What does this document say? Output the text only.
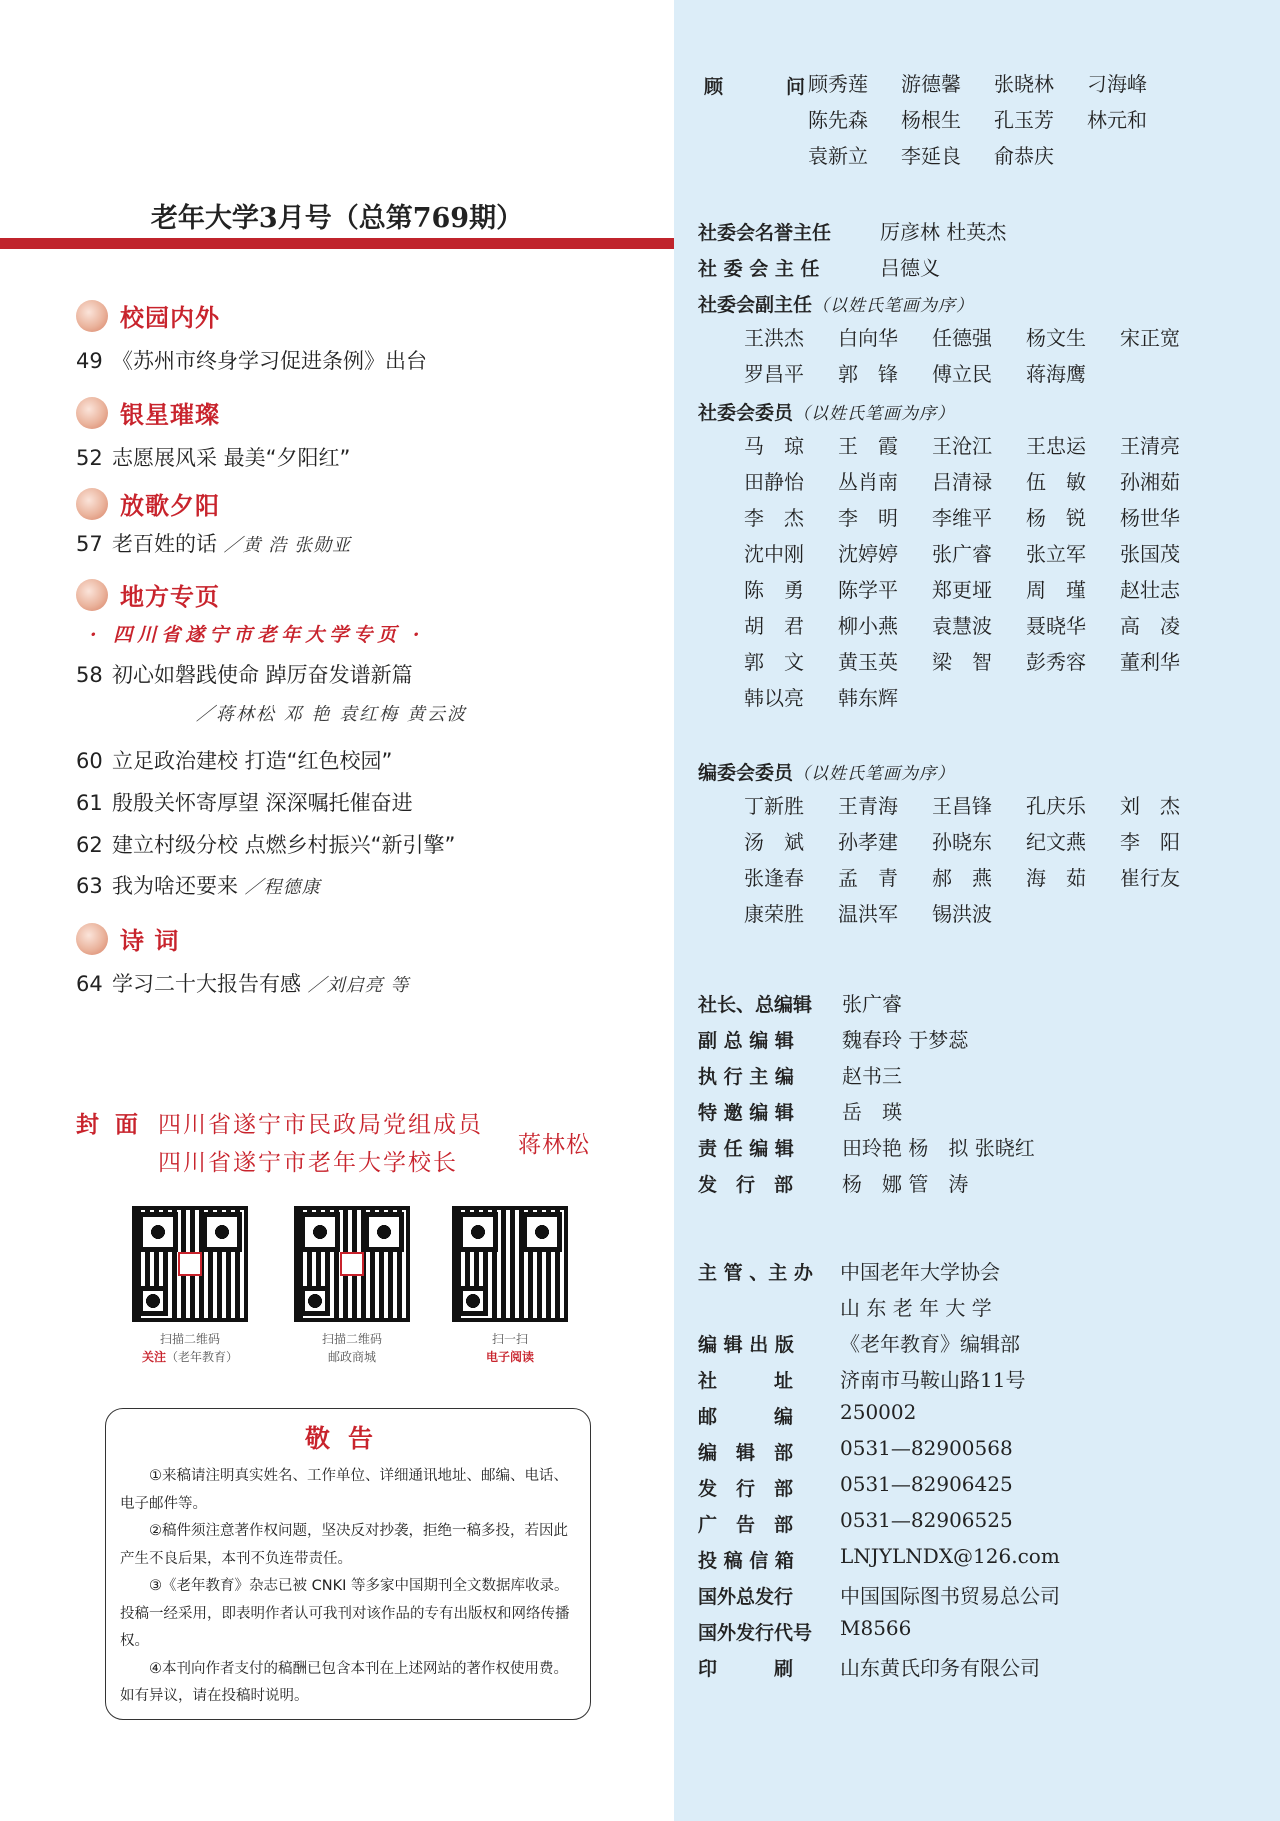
老年大学3月号（总第769期）
校园内外
49 《苏州市终身学习促进条例》出台
银星璀璨
52 志愿展风采 最美“夕阳红”
放歌夕阳
57 老百姓的话 ／黄 浩 张勋亚
地方专页
· 四川省遂宁市老年大学专页 ·
58 初心如磐践使命 踔厉奋发谱新篇
／蒋林松 邓 艳 袁红梅 黄云波
60 立足政治建校 打造“红色校园”
61 殷殷关怀寄厚望 深深嘱托催奋进
62 建立村级分校 点燃乡村振兴“新引擎”
63 我为啥还要来 ／程德康
诗 词
64 学习二十大报告有感 ／刘启亮 等
封 面 四川省遂宁市民政局党组成员
四川省遂宁市老年大学校长
蒋林松
扫描二维码
关注（老年教育）
扫描二维码
邮政商城
扫一扫
电子阅读
敬告

①来稿请注明真实姓名、工作单位、详细通讯地址、邮编、电话、电子邮件等。

②稿件须注意著作权问题，坚决反对抄袭，拒绝一稿多投，若因此产生不良后果，本刊不负连带责任。

③《老年教育》杂志已被 CNKI 等多家中国期刊全文数据库收录。投稿一经采用，即表明作者认可我刊对该作品的专有出版权和网络传播权。

④本刊向作者支付的稿酬已包含本刊在上述网站的著作权使用费。如有异议，请在投稿时说明。

顾　问
顾秀莲	游德馨	张晓林	刁海峰
陈先森	杨根生	孔玉芳	林元和
袁新立	李延良	俞恭庆
社委会名誉主任 厉彦林 杜英杰
社 委 会 主 任	吕德义
社委会副主任（以姓氏笔画为序）
王洪杰	白向华	任德强	杨文生	宋正宽
罗昌平	郭　锋	傅立民	蒋海鹰
社委会委员（以姓氏笔画为序）
马　琼	王　霞	王沧江	王忠运	王清亮
田静怡	丛肖南	吕清禄	伍　敏	孙湘茹
李　杰	李　明	李维平	杨　锐	杨世华
沈中刚	沈婷婷	张广睿	张立军	张国茂
陈　勇	陈学平	郑更垭	周　瑾	赵壮志
胡　君	柳小燕	袁慧波	聂晓华	高　凌
郭　文	黄玉英	梁　智	彭秀容	董利华
韩以亮	韩东辉
编委会委员（以姓氏笔画为序）
丁新胜	王青海	王昌锋	孔庆乐	刘　杰
汤　斌	孙孝建	孙晓东	纪文燕	李　阳
张逢春	孟　青	郝　燕	海　茹	崔行友
康荣胜	温洪军	锡洪波
社长、总编辑 张广睿
副 总 编 辑 魏春玲 于梦蕊
执 行 主 编 赵书三
特 邀 编 辑 岳　瑛
责 任 编 辑 田玲艳 杨　拟 张晓红
发　行　部 杨　娜 管　涛
主 管 、主 办 中国老年大学协会
山 东 老 年 大 学
编 辑 出 版 《老年教育》编辑部
社　　　址 济南市马鞍山路11号
邮　　　编 250002
编　辑　部 0531—82900568
发　行　部 0531—82906425
广　告　部 0531—82906525
投 稿 信 箱 LNJYLNDX@126.com
国外总发行 中国国际图书贸易总公司
国外发行代号 M8566
印　　　刷 山东黄氏印务有限公司
